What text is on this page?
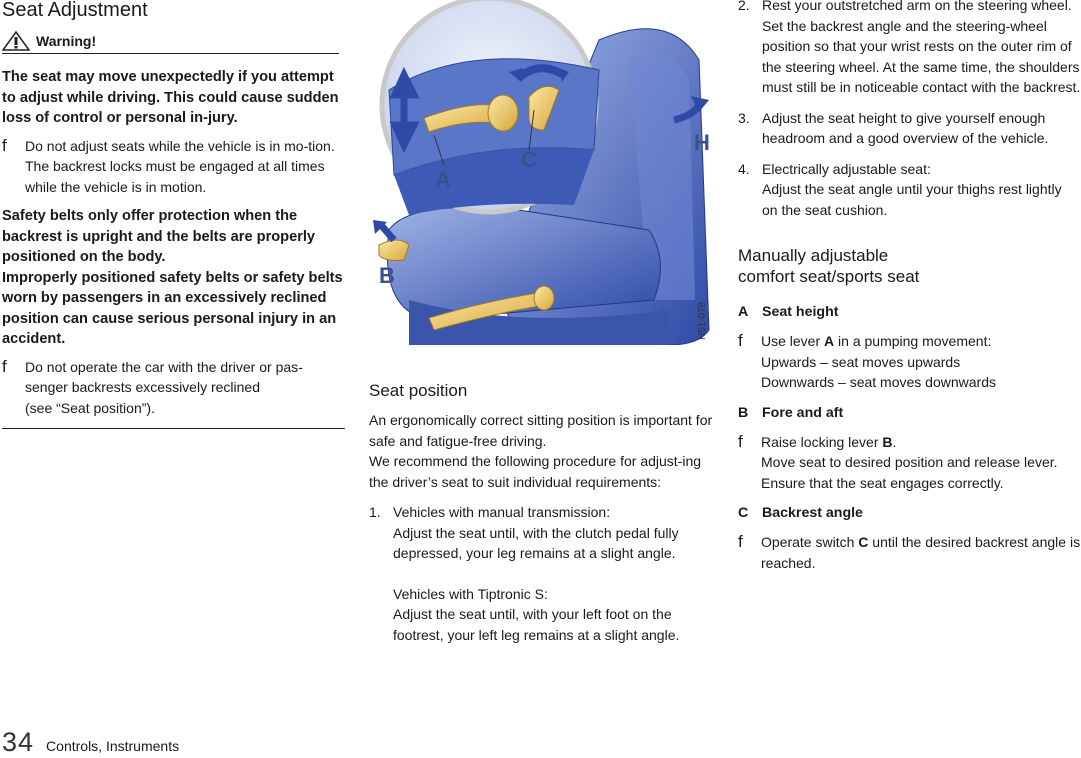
Seat Adjustment
Warning!

The seat may move unexpectedly if you attempt to adjust while driving. This could cause sudden loss of control or personal in-jury.

f	Do not adjust seats while the vehicle is in mo-tion.

The backrest locks must be engaged at all times while the vehicle is in motion.

Safety belts only offer protection when the backrest is upright and the belts are properly positioned on the body.

Improperly positioned safety belts or safety belts worn by passengers in an excessively reclined position can cause serious personal injury in an accident.

f	Do not operate the car with the driver or pas-senger backrests excessively reclined

(see “Seat position”).

A
C
B
H
H51-078

Seat position

An ergonomically correct sitting position is important for safe and fatigue-free driving.

We recommend the following procedure for adjust-ing the driver’s seat to suit individual requirements:

1. Vehicles with manual transmission:

Adjust the seat until, with the clutch pedal fully depressed, your leg remains at a slight angle.

Vehicles with Tiptronic S:

Adjust the seat until, with your left foot on the footrest, your left leg remains at a slight angle.

2. Rest your outstretched arm on the steering wheel.

Set the backrest angle and the steering-wheel position so that your wrist rests on the outer rim of the steering wheel. At the same time, the shoulders must still be in noticeable contact with the backrest.

3. Adjust the seat height to give yourself enough headroom and a good overview of the vehicle.

4. Electrically adjustable seat:

Adjust the seat angle until your thighs rest lightly on the seat cushion.

Manually adjustable

comfort seat/sports seat

A Seat height
f	Use lever A in a pumping movement:

Upwards – seat moves upwards

Downwards – seat moves downwards

B Fore and aft
f	Raise locking lever B.

Move seat to desired position and release lever.

Ensure that the seat engages correctly.

C Backrest angle
f	Operate switch C until the desired backrest angle is reached.

34 Controls, Instruments
